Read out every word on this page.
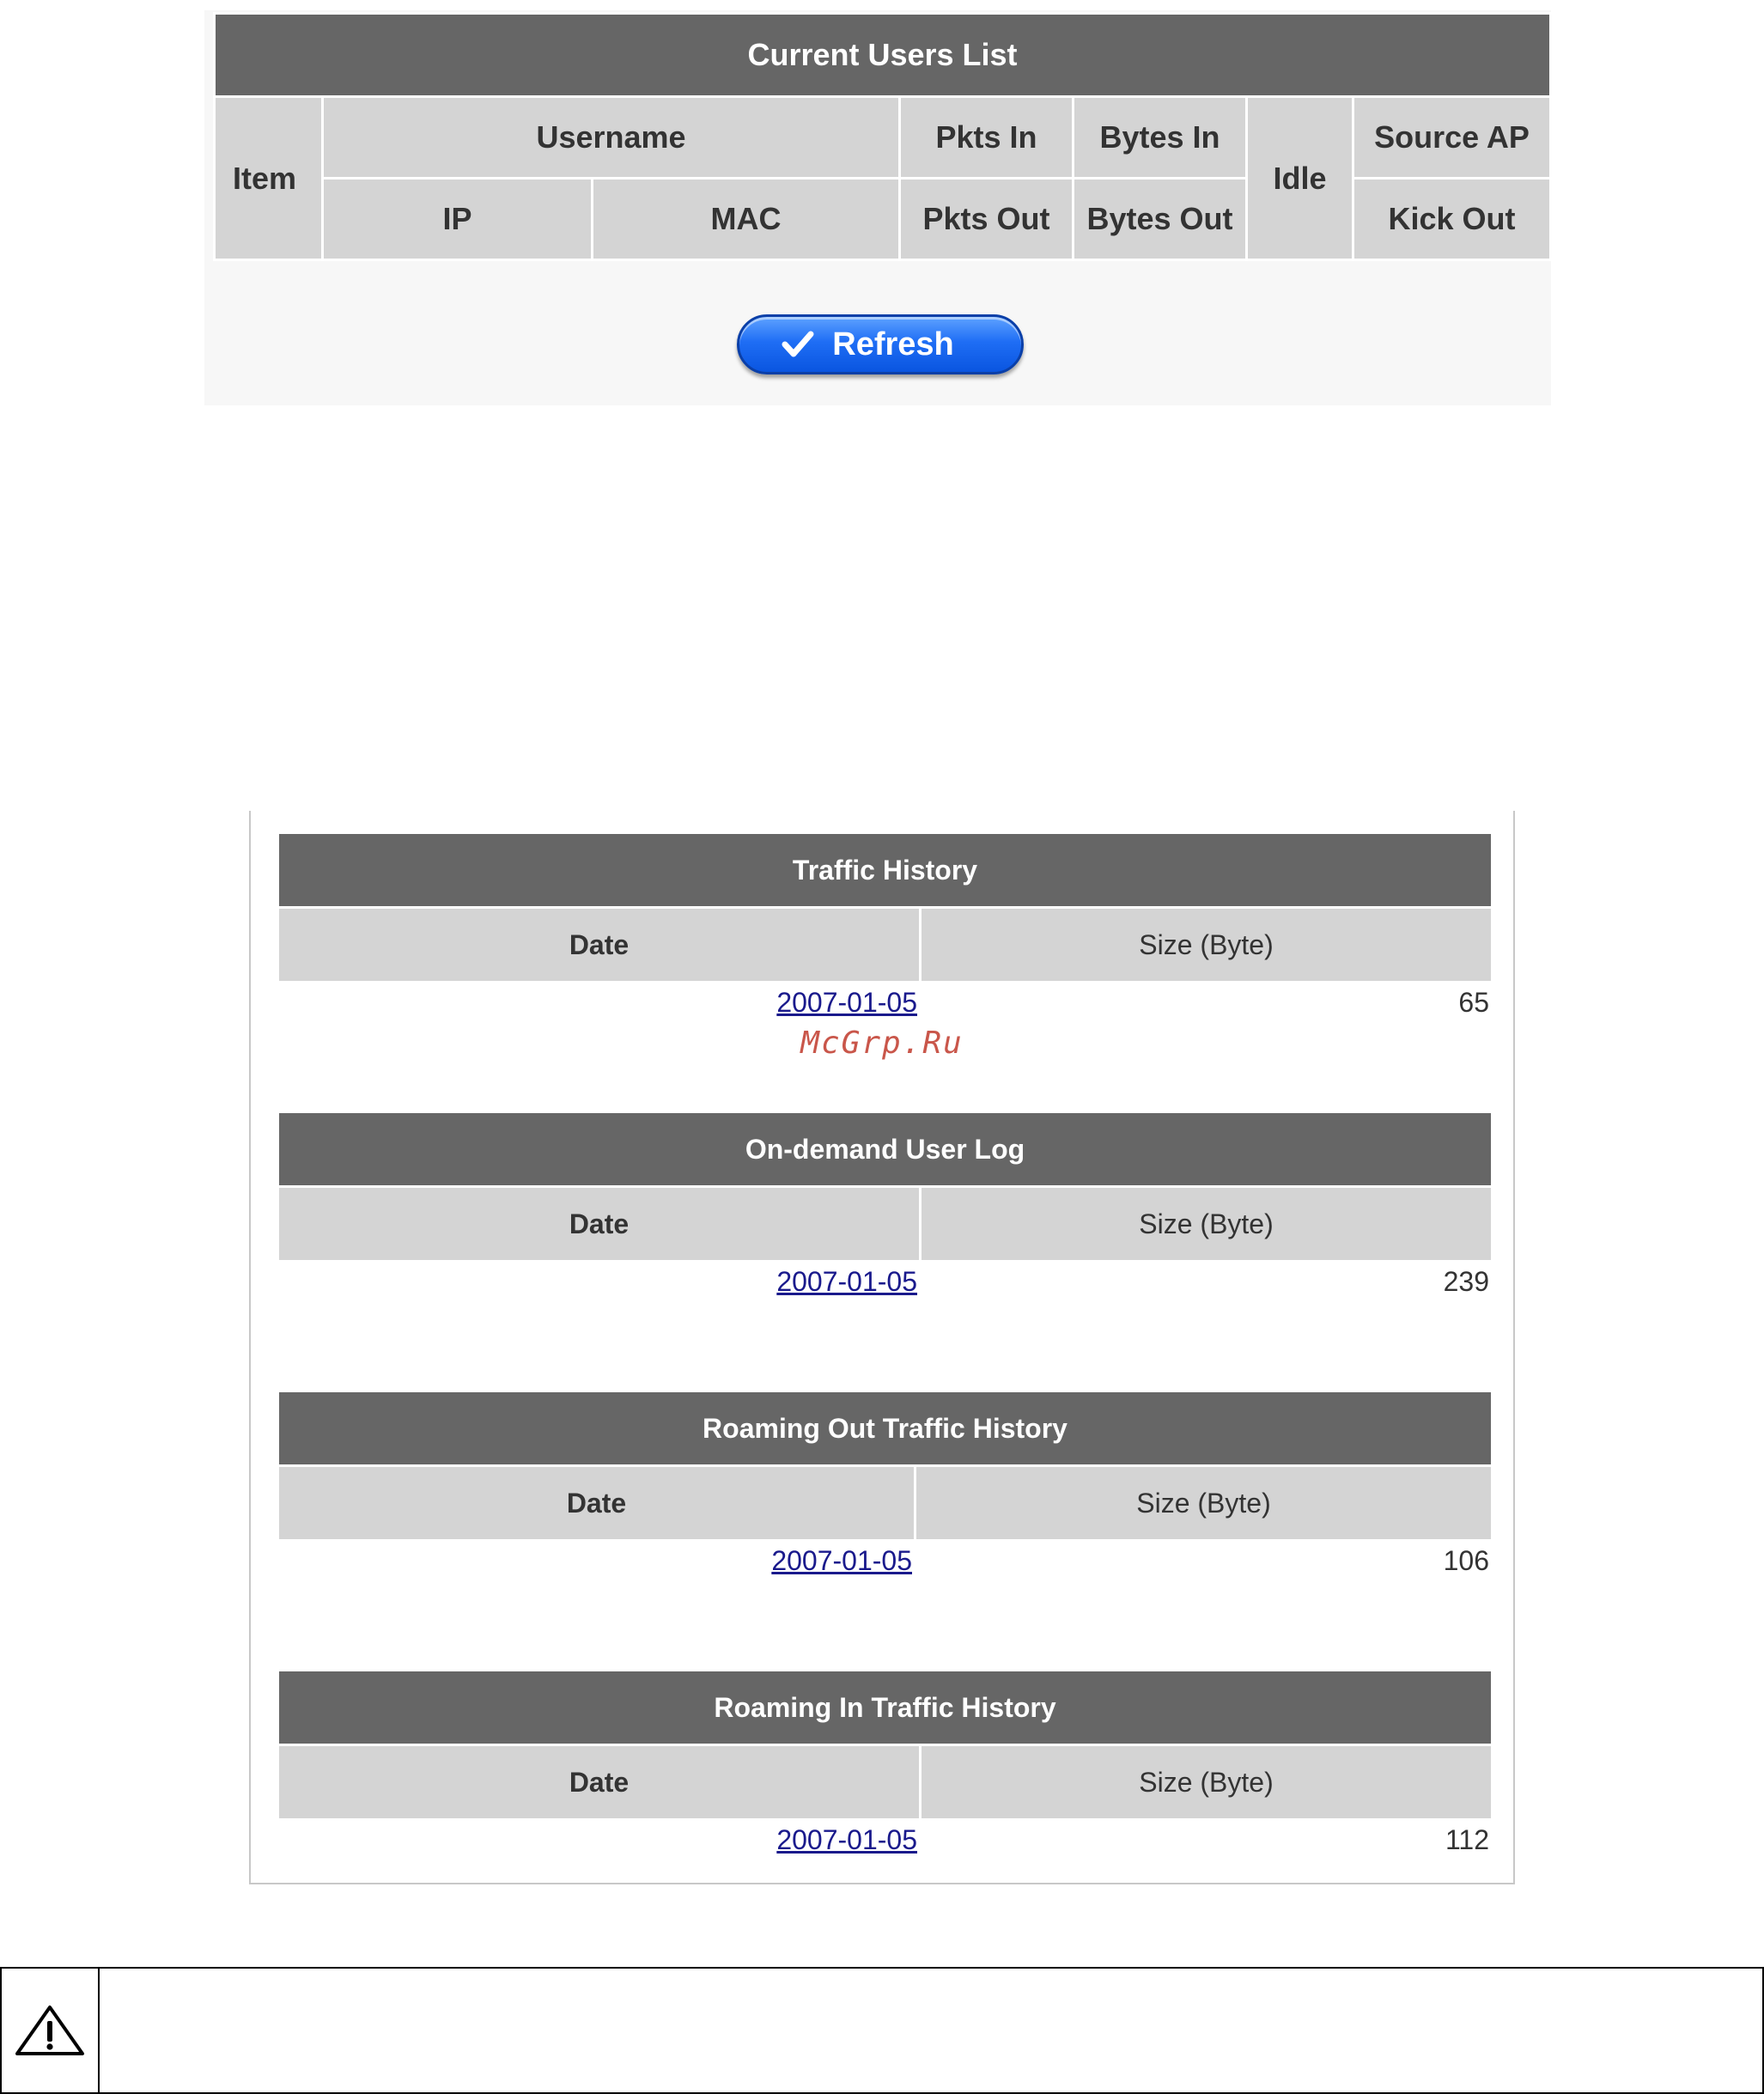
Current Users List						
Item	Username		Pkts In	Bytes In	Idle	Source AP
	IP	MAC	Pkts Out	Bytes Out		Kick Out
Refresh
Traffic History	
Date	Size (Byte)
2007-01-05	65
On-demand User Log	
Date	Size (Byte)
2007-01-05	239
Roaming Out Traffic History	
Date	Size (Byte)
2007-01-05	106
Roaming In Traffic History	
Date	Size (Byte)
2007-01-05	112
McGrp.Ru
